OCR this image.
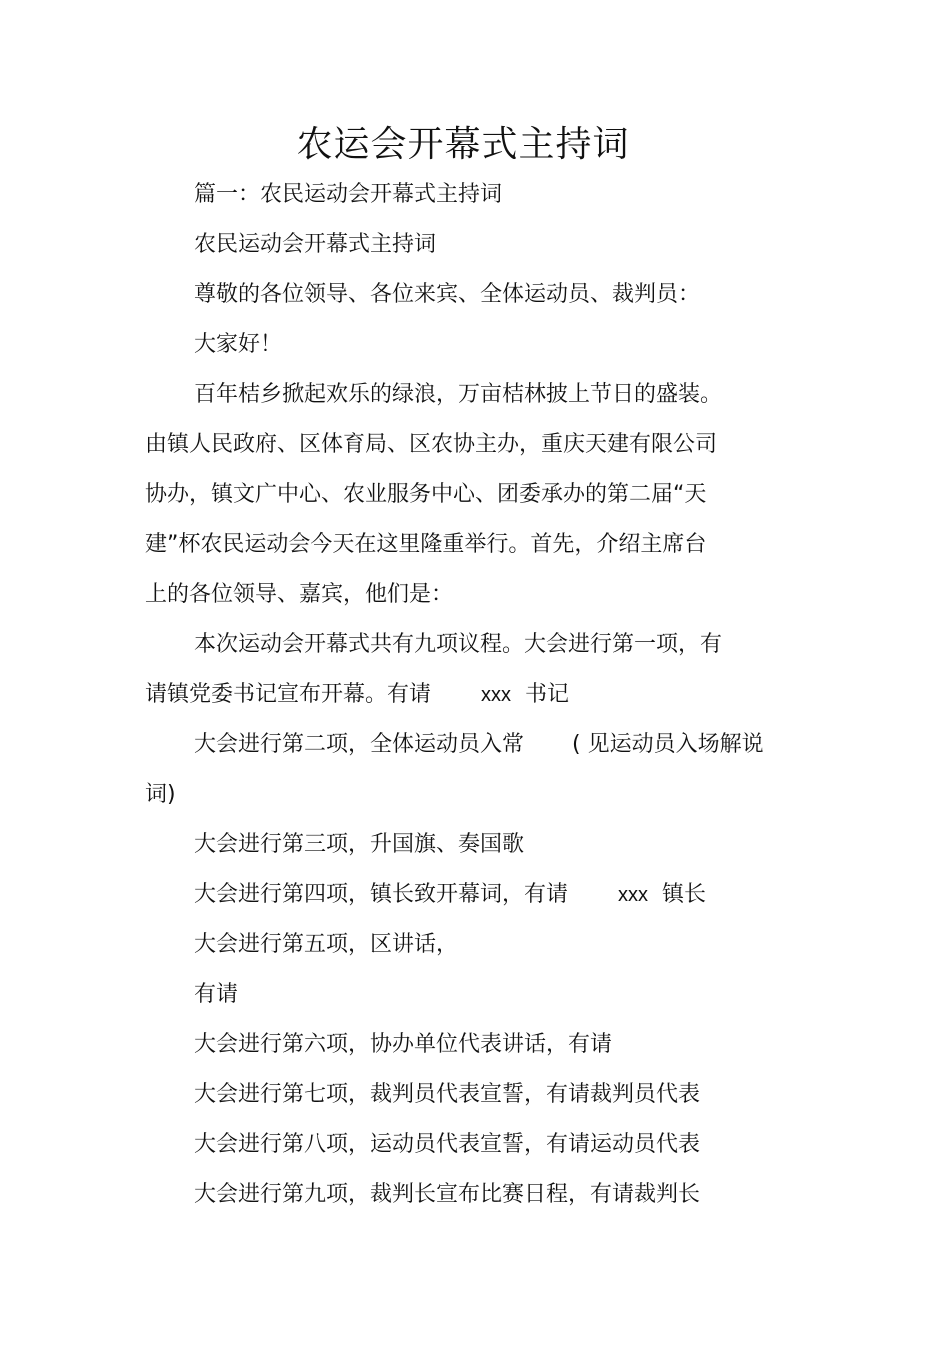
农运会开幕式主持词
篇一：农民运动会开幕式主持词
农民运动会开幕式主持词
尊敬的各位领导、各位来宾、全体运动员、裁判员：
大家好！
百年桔乡掀起欢乐的绿浪，万亩桔林披上节日的盛装。
由镇人民政府、区体育局、区农协主办，重庆天建有限公司
协办，镇文广中心、农业服务中心、团委承办的第二届“天
建”杯农民运动会今天在这里隆重举行。首先，介绍主席台
上的各位领导、嘉宾，他们是：
本次运动会开幕式共有九项议程。大会进行第一项，有
请镇党委书记宣布开幕。有请	xxx 书记
大会进行第二项，全体运动员入常 ( 见运动员入场解说
词)
大会进行第三项，升国旗、奏国歌
大会进行第四项，镇长致开幕词，有请	xxx 镇长
大会进行第五项，区讲话，
有请
大会进行第六项，协办单位代表讲话，有请
大会进行第七项，裁判员代表宣誓，有请裁判员代表
大会进行第八项，运动员代表宣誓，有请运动员代表
大会进行第九项，裁判长宣布比赛日程，有请裁判长
